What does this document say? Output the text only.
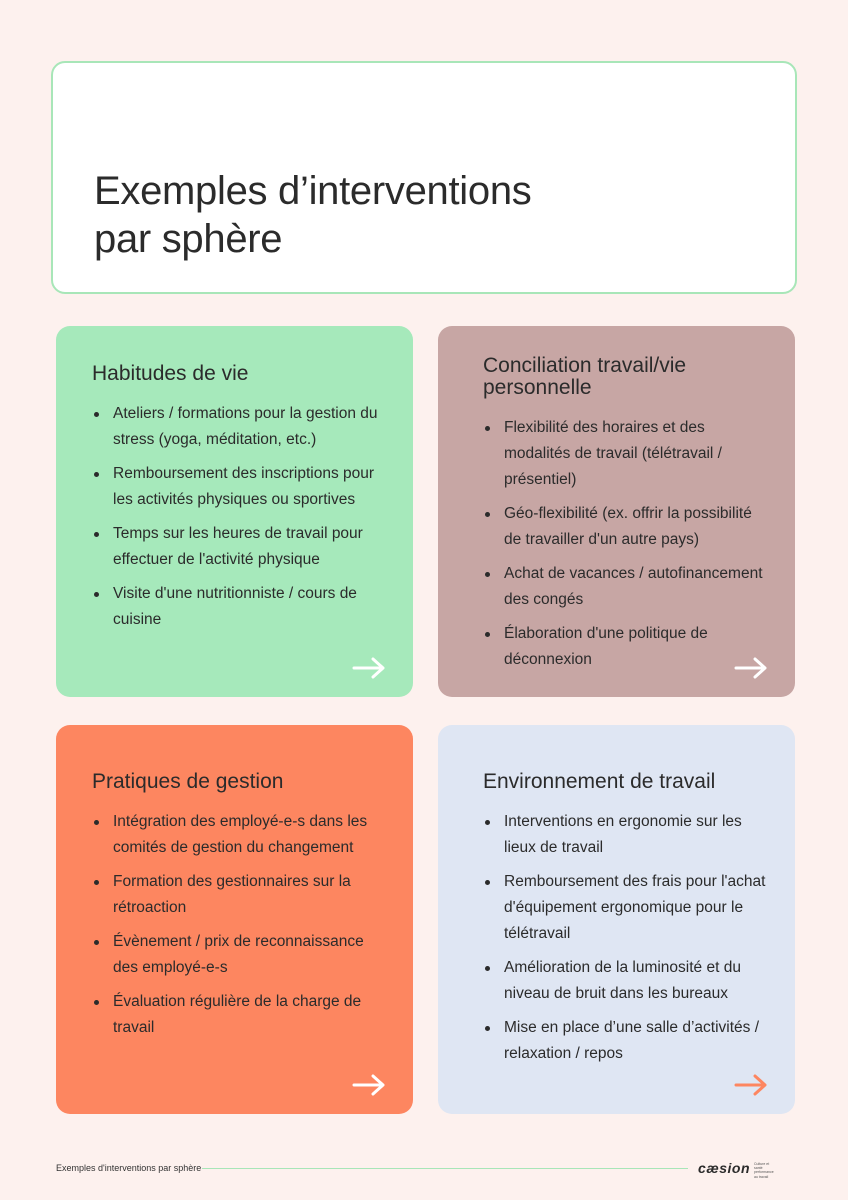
Exemples d’interventions
par sphère
Habitudes de vie
Ateliers / formations pour la gestion du stress (yoga, méditation, etc.)
Remboursement des inscriptions pour les activités physiques ou sportives
Temps sur les heures de travail pour effectuer de l'activité physique
Visite d'une nutritionniste / cours de cuisine
Conciliation travail/vie
personnelle
Flexibilité des horaires et des modalités de travail (télétravail / présentiel)
Géo-flexibilité (ex. offrir la possibilité de travailler d'un autre pays)
Achat de vacances / autofinancement des congés
Élaboration d'une politique de déconnexion
Pratiques de gestion
Intégration des employé-e-s dans les comités de gestion du changement
Formation des gestionnaires sur la rétroaction
Évènement / prix de reconnaissance des employé-e-s
Évaluation régulière de la charge de travail
Environnement de travail
Interventions en ergonomie sur les lieux de travail
Remboursement des frais pour l'achat d'équipement ergonomique pour le télétravail
Amélioration de la luminosité et du niveau de bruit dans les bureaux
Mise en place d’une salle d’activités / relaxation / repos
Exemples d'interventions par sphère	cæsion Culture et santé
performance
au travail
